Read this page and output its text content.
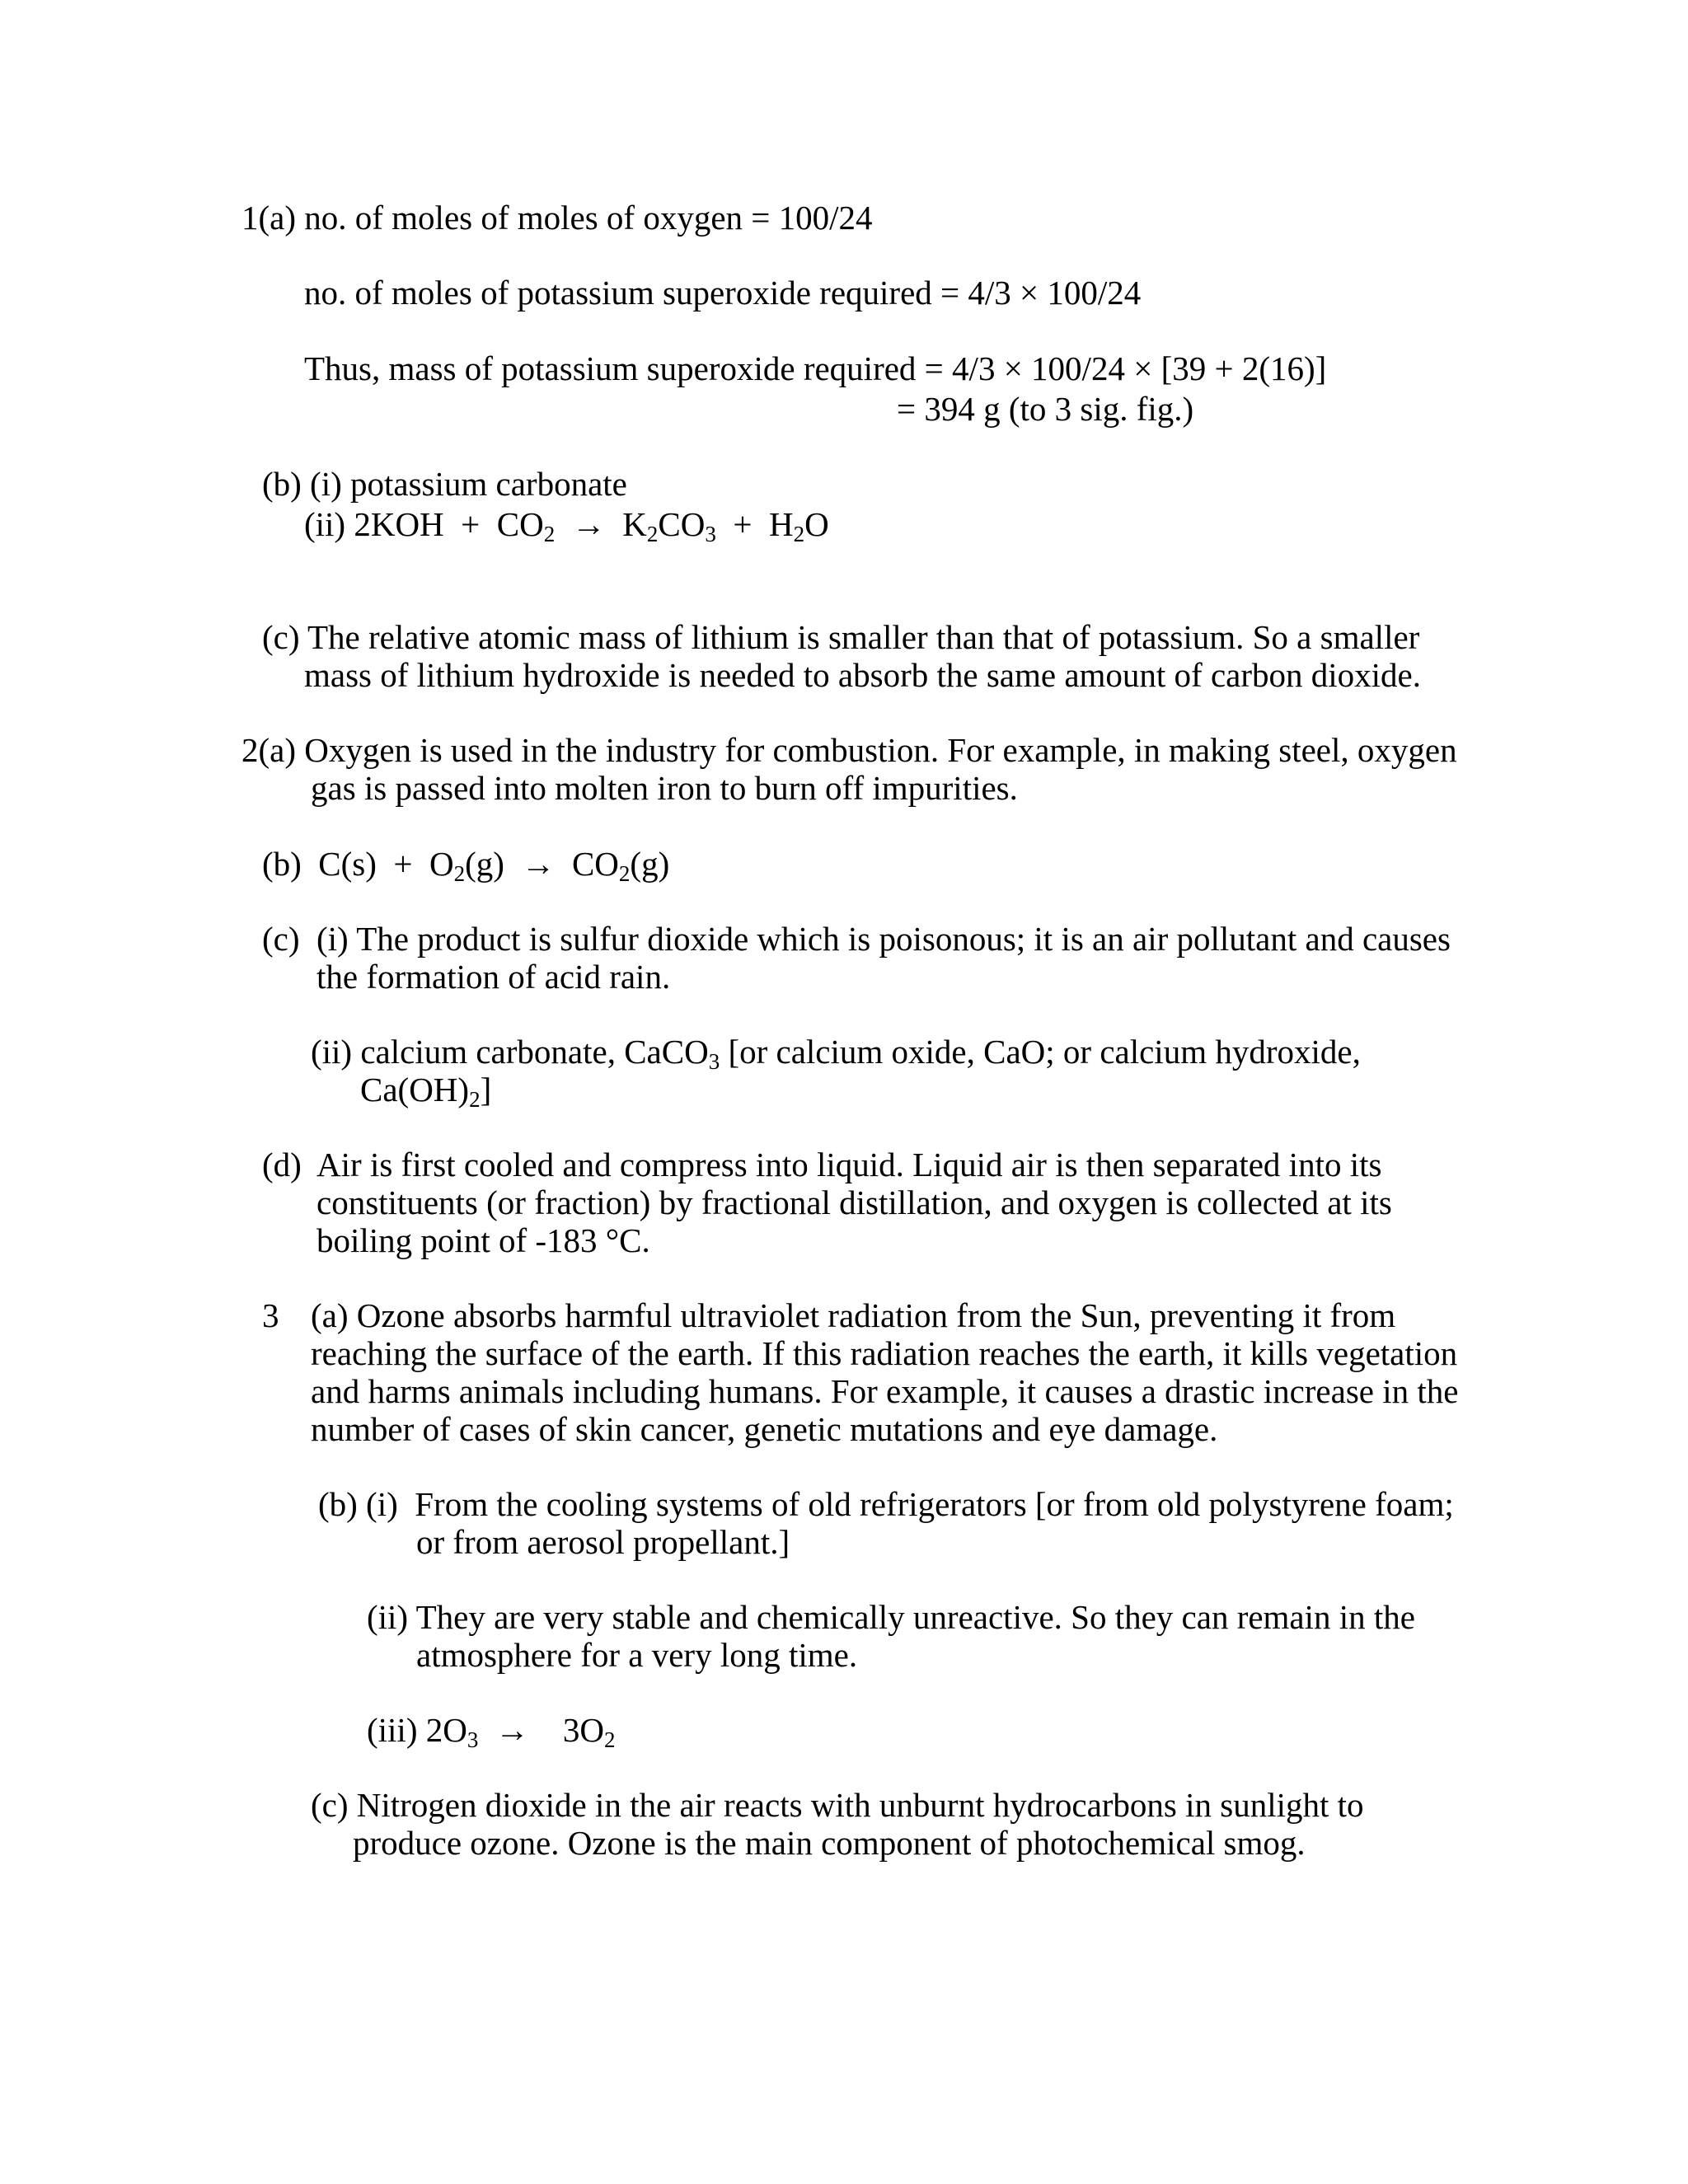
1(a) no. of moles of moles of oxygen = 100/24

no. of moles of potassium superoxide required = 4/3 × 100/24

Thus, mass of potassium superoxide required = 4/3 × 100/24 × [39 + 2(16)]

= 394 g (to 3 sig. fig.)

(b) (i) potassium carbonate

(ii) $2KOH + CO_2 \to K_2CO_3 + H_2O$

(c) The relative atomic mass of lithium is smaller than that of potassium. So a smaller

mass of lithium hydroxide is needed to absorb the same amount of carbon dioxide.

2(a) Oxygen is used in the industry for combustion. For example, in making steel, oxygen

gas is passed into molten iron to burn off impurities.

(b)  $C(s) + O_2(g) \to CO_2(g)$

(c)  (i) The product is sulfur dioxide which is poisonous; it is an air pollutant and causes

the formation of acid rain.

(ii) calcium carbonate, CaCO$_3$ [or calcium oxide, CaO; or calcium hydroxide,

$Ca(OH)_2$]

(d)  Air is first cooled and compress into liquid. Liquid air is then separated into its

constituents (or fraction) by fractional distillation, and oxygen is collected at its

boiling point of -183 °C.

3 (a) Ozone absorbs harmful ultraviolet radiation from the Sun, preventing it from

reaching the surface of the earth. If this radiation reaches the earth, it kills vegetation

and harms animals including humans. For example, it causes a drastic increase in the

number of cases of skin cancer, genetic mutations and eye damage.

(b) (i)  From the cooling systems of old refrigerators [or from old polystyrene foam;

or from aerosol propellant.]

(ii) They are very stable and chemically unreactive. So they can remain in the

atmosphere for a very long time.

(iii) $2O_3$  →    $3O_2$

(c) Nitrogen dioxide in the air reacts with unburnt hydrocarbons in sunlight to

produce ozone. Ozone is the main component of photochemical smog.
